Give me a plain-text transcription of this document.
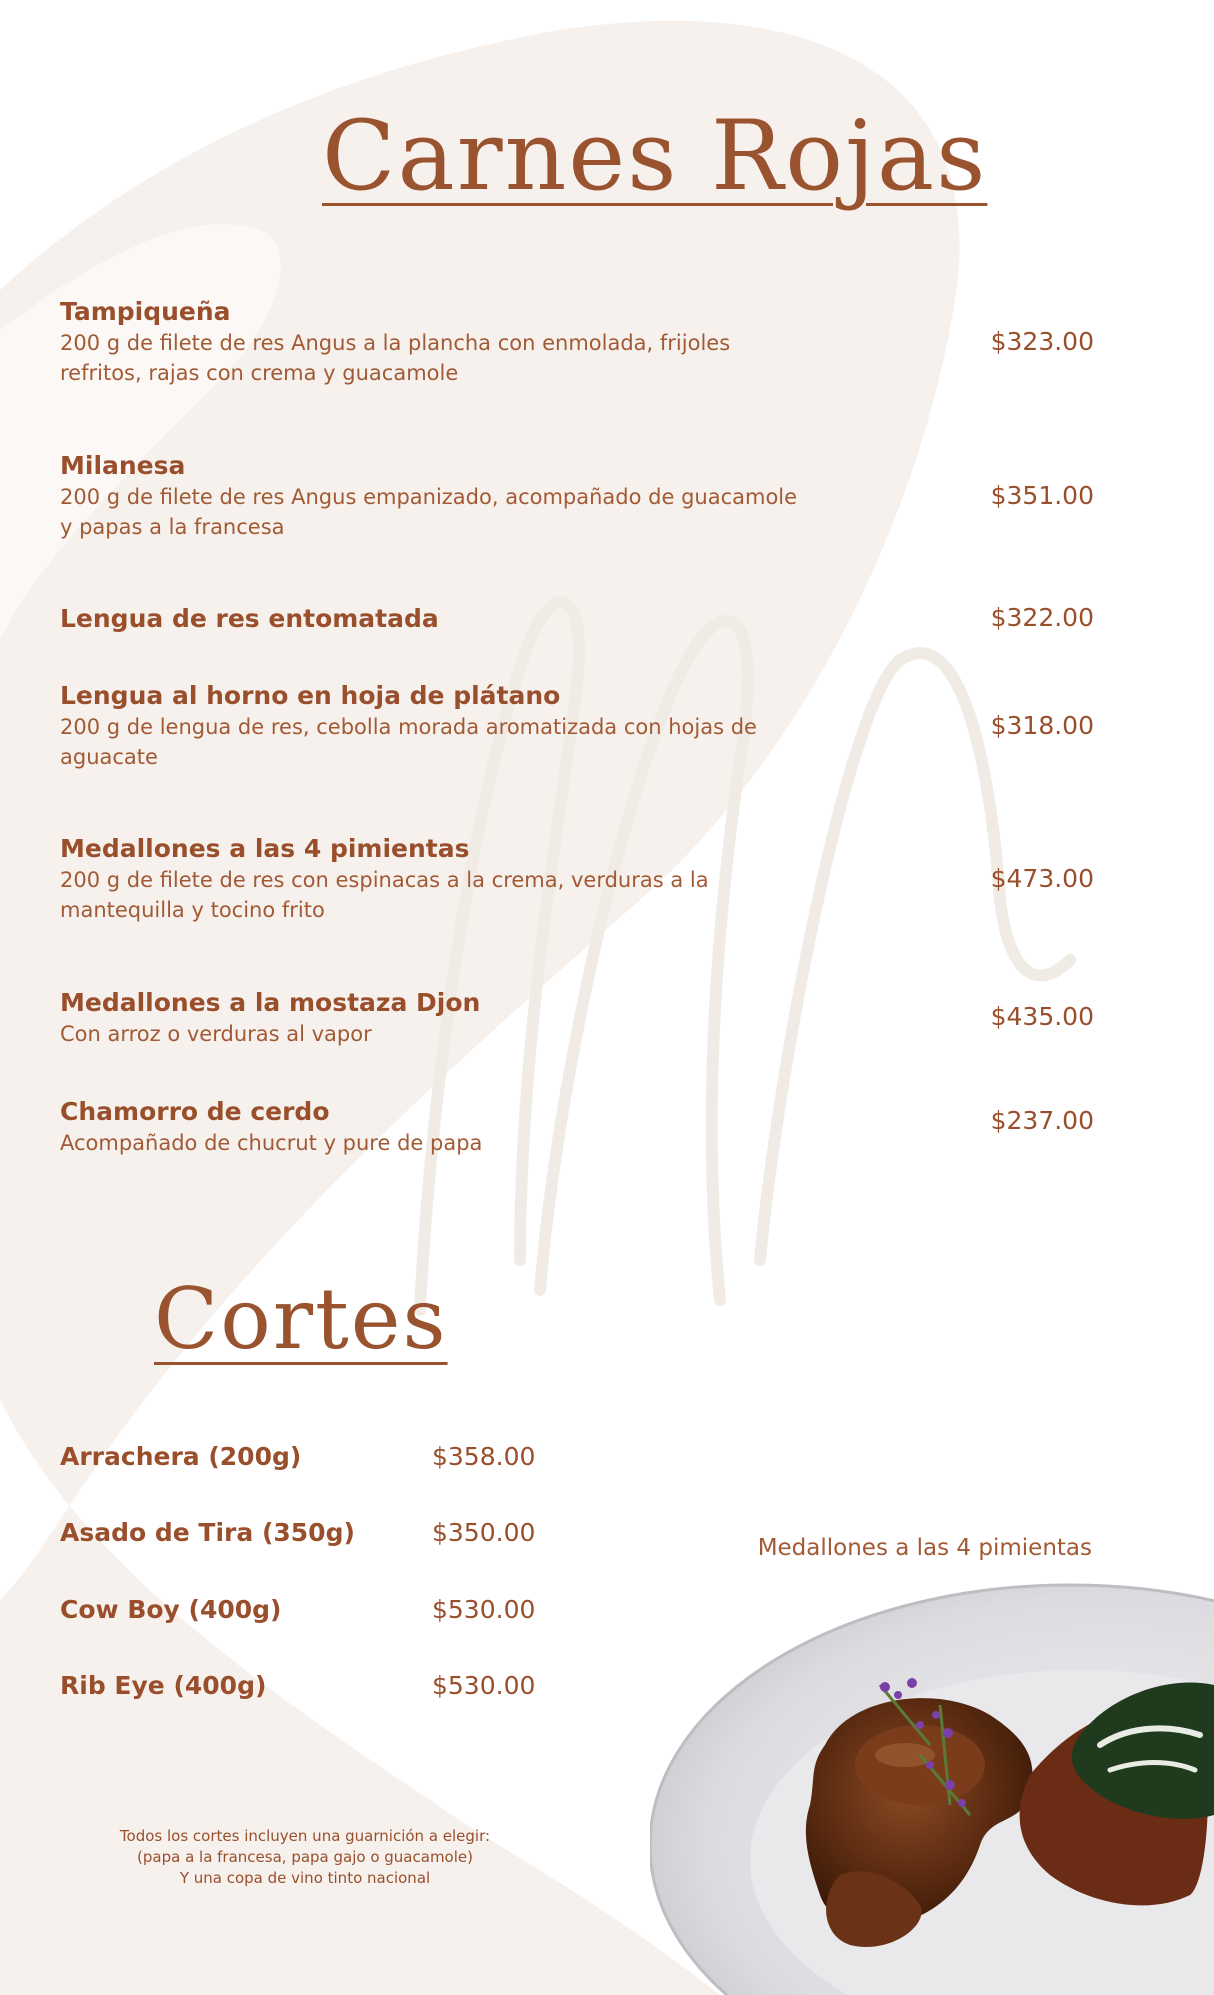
Carnes Rojas
Tampiqueña
200 g de filete de res Angus a la plancha con enmolada, frijoles refritos, rajas con crema y guacamole
$323.00
Milanesa
200 g de filete de res Angus empanizado, acompañado de guacamole y papas a la francesa
$351.00
Lengua de res entomatada	$322.00
Lengua al horno en hoja de plátano
200 g de lengua de res, cebolla morada aromatizada con hojas de aguacate
$318.00
Medallones a las 4 pimientas
200 g de filete de res con espinacas a la crema, verduras a la mantequilla y tocino frito
$473.00
Medallones a la mostaza Djon
Con arroz o verduras al vapor
$435.00
Chamorro de cerdo
Acompañado de chucrut y pure de papa
$237.00
Cortes
Arrachera (200g)	$358.00
Asado de Tira (350g)	$350.00
Cow Boy (400g)	$530.00
Rib Eye (400g)	$530.00
Medallones a las 4 pimientas
Todos los cortes incluyen una guarnición a elegir:
(papa a la francesa, papa gajo o guacamole)
Y una copa de vino tinto nacional
